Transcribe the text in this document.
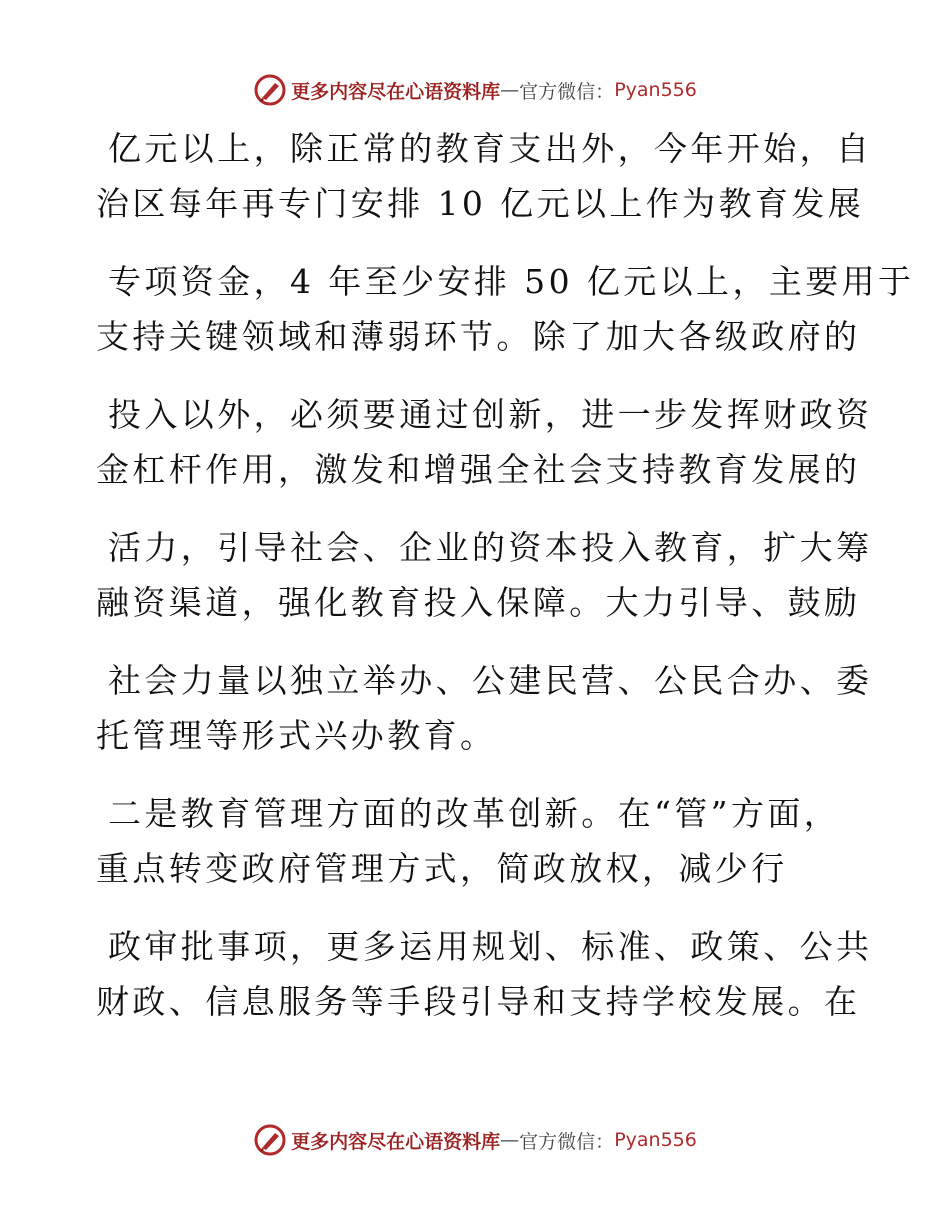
更多内容尽在心语资料库 — 官方微信： Pyan556
亿元以上，除正常的教育支出外，今年开始，自
治区每年再专门安排 10 亿元以上作为教育发展
专项资金，4 年至少安排 50 亿元以上，主要用于
支持关键领域和薄弱环节。除了加大各级政府的
投入以外，必须要通过创新，进一步发挥财政资
金杠杆作用，激发和增强全社会支持教育发展的
活力，引导社会、企业的资本投入教育，扩大筹
融资渠道，强化教育投入保障。大力引导、鼓励
社会力量以独立举办、公建民营、公民合办、委
托管理等形式兴办教育。
二是教育管理方面的改革创新。在“管”方面，
重点转变政府管理方式，简政放权，减少行
政审批事项，更多运用规划、标准、政策、公共
财政、信息服务等手段引导和支持学校发展。在
更多内容尽在心语资料库 — 官方微信： Pyan556
